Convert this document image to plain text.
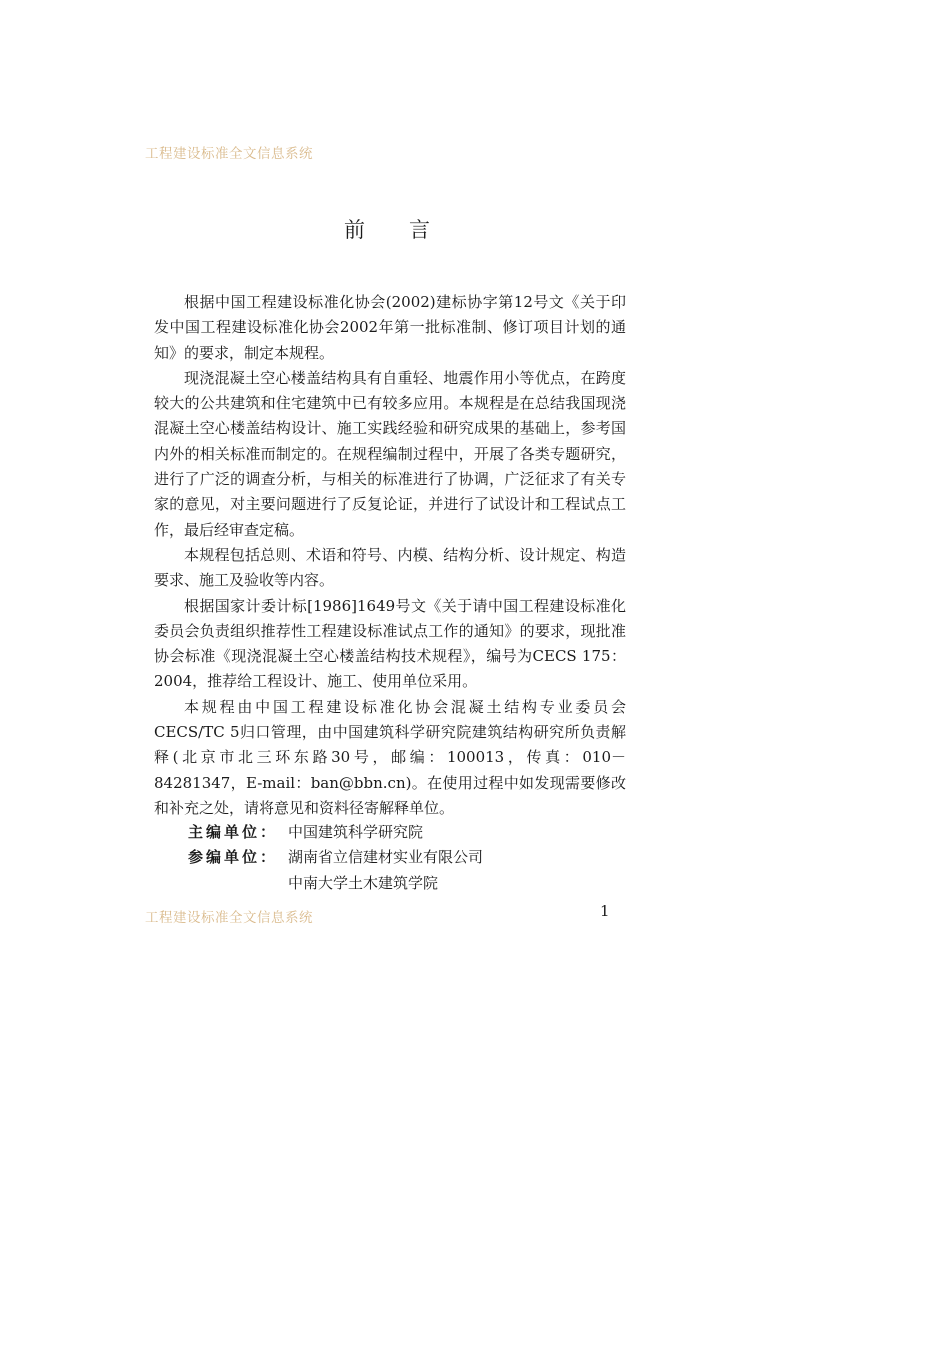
工程建设标准全文信息系统
前言

根据中国工程建设标准化协会(2002)建标协字第12号文《关于印发中国工程建设标准化协会2002年第一批标准制、修订项目计划的通知》的要求，制定本规程。

现浇混凝土空心楼盖结构具有自重轻、地震作用小等优点，在跨度较大的公共建筑和住宅建筑中已有较多应用。本规程是在总结我国现浇混凝土空心楼盖结构设计、施工实践经验和研究成果的基础上，参考国内外的相关标准而制定的。在规程编制过程中，开展了各类专题研究，进行了广泛的调查分析，与相关的标准进行了协调，广泛征求了有关专家的意见，对主要问题进行了反复论证，并进行了试设计和工程试点工作，最后经审查定稿。

本规程包括总则、术语和符号、内模、结构分析、设计规定、构造要求、施工及验收等内容。

根据国家计委计标[1986]1649号文《关于请中国工程建设标准化委员会负责组织推荐性工程建设标准试点工作的通知》的要求，现批准协会标准《现浇混凝土空心楼盖结构技术规程》，编号为CECS 175：2004，推荐给工程设计、施工、使用单位采用。

本规程由中国工程建设标准化协会混凝土结构专业委员会CECS/TC 5归口管理，由中国建筑科学研究院建筑结构研究所负责解释(北京市北三环东路30号，邮编：100013，传真：010－84281347，E-mail：ban@bbn.cn)。在使用过程中如发现需要修改和补充之处，请将意见和资料径寄解释单位。

主编单位： 中国建筑科学研究院
参编单位： 湖南省立信建材实业有限公司
中南大学土木建筑学院
工程建设标准全文信息系统	1
